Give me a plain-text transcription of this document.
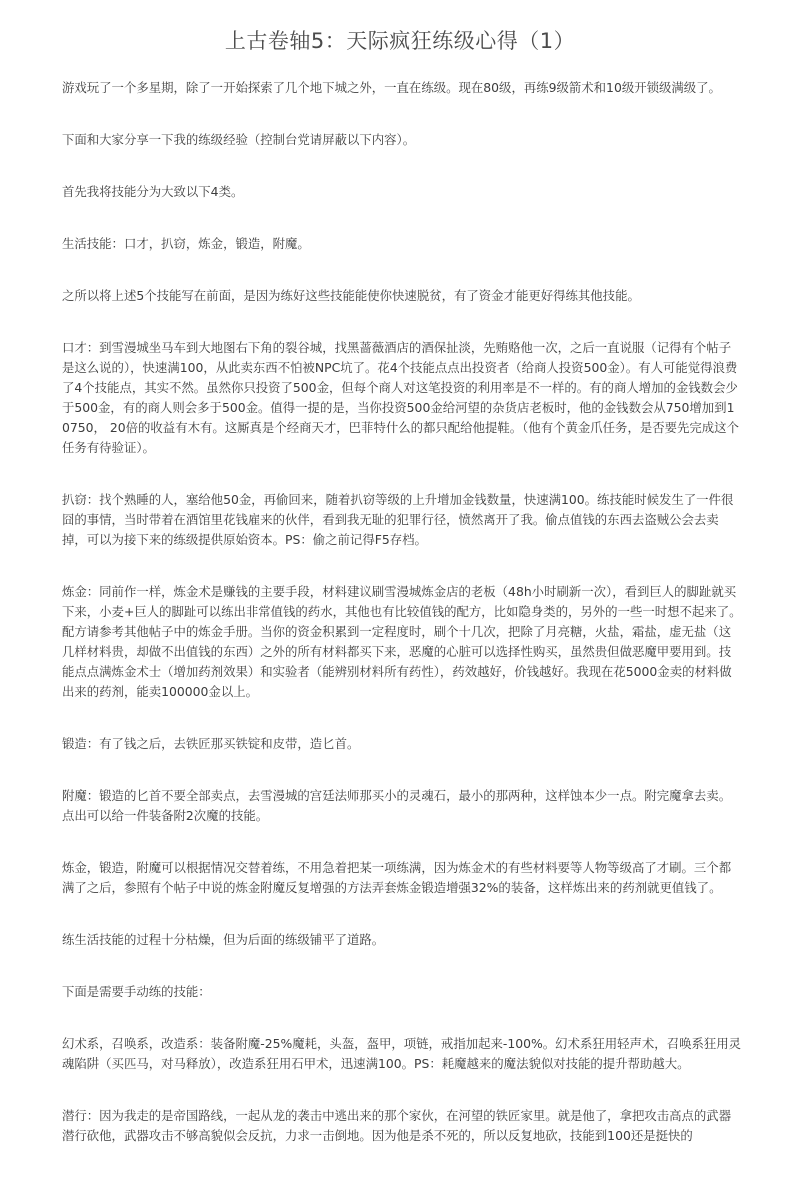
上古卷轴5：天际疯狂练级心得（1）

游戏玩了一个多星期，除了一开始探索了几个地下城之外，一直在练级。现在80级，再练9级箭术和10级开锁级满级了。

下面和大家分享一下我的练级经验（控制台党请屏蔽以下内容）。

首先我将技能分为大致以下4类。

生活技能：口才，扒窃，炼金，锻造，附魔。

之所以将上述5个技能写在前面，是因为练好这些技能能使你快速脱贫，有了资金才能更好得练其他技能。

口才：到雪漫城坐马车到大地图右下角的裂谷城，找黑蔷薇酒店的酒保扯淡，先贿赂他一次，之后一直说服（记得有个帖子是这么说的），快速满100，从此卖东西不怕被NPC坑了。花4个技能点点出投资者（给商人投资500金）。有人可能觉得浪费了4个技能点，其实不然。虽然你只投资了500金，但每个商人对这笔投资的利用率是不一样的。有的商人增加的金钱数会少于500金，有的商人则会多于500金。值得一提的是，当你投资500金给河望的杂货店老板时，他的金钱数会从750增加到10750， 20倍的收益有木有。这厮真是个经商天才，巴菲特什么的都只配给他提鞋。（他有个黄金爪任务，是否要先完成这个任务有待验证）。

扒窃：找个熟睡的人，塞给他50金，再偷回来，随着扒窃等级的上升增加金钱数量，快速满100。练技能时候发生了一件很囧的事情，当时带着在酒馆里花钱雇来的伙伴，看到我无耻的犯罪行径，愤然离开了我。偷点值钱的东西去盗贼公会去卖掉，可以为接下来的练级提供原始资本。PS：偷之前记得F5存档。

炼金：同前作一样，炼金术是赚钱的主要手段，材料建议刷雪漫城炼金店的老板（48h小时刷新一次），看到巨人的脚趾就买下来，小麦+巨人的脚趾可以练出非常值钱的药水，其他也有比较值钱的配方，比如隐身类的，另外的一些一时想不起来了。配方请参考其他帖子中的炼金手册。当你的资金积累到一定程度时，刷个十几次，把除了月亮糖，火盐，霜盐，虚无盐（这几样材料贵，却做不出值钱的东西）之外的所有材料都买下来，恶魔的心脏可以选择性购买，虽然贵但做恶魔甲要用到。技能点点满炼金术士（增加药剂效果）和实验者（能辨别材料所有药性），药效越好，价钱越好。我现在花5000金卖的材料做出来的药剂，能卖100000金以上。

锻造：有了钱之后，去铁匠那买铁锭和皮带，造匕首。

附魔：锻造的匕首不要全部卖点，去雪漫城的宫廷法师那买小的灵魂石，最小的那两种，这样蚀本少一点。附完魔拿去卖。点出可以给一件装备附2次魔的技能。

炼金，锻造，附魔可以根据情况交替着练，不用急着把某一项练满，因为炼金术的有些材料要等人物等级高了才刷。三个都满了之后，参照有个帖子中说的炼金附魔反复增强的方法弄套炼金锻造增强32%的装备，这样炼出来的药剂就更值钱了。

练生活技能的过程十分枯燥，但为后面的练级铺平了道路。

下面是需要手动练的技能：

幻术系，召唤系，改造系：装备附魔-25%魔耗，头盔，盔甲，项链，戒指加起来-100%。幻术系狂用轻声术，召唤系狂用灵魂陷阱（买匹马，对马释放），改造系狂用石甲术，迅速满100。PS：耗魔越来的魔法貌似对技能的提升帮助越大。

潜行：因为我走的是帝国路线，一起从龙的袭击中逃出来的那个家伙，在河望的铁匠家里。就是他了，拿把攻击高点的武器潜行砍他，武器攻击不够高貌似会反抗，力求一击倒地。因为他是杀不死的，所以反复地砍，技能到100还是挺快的
